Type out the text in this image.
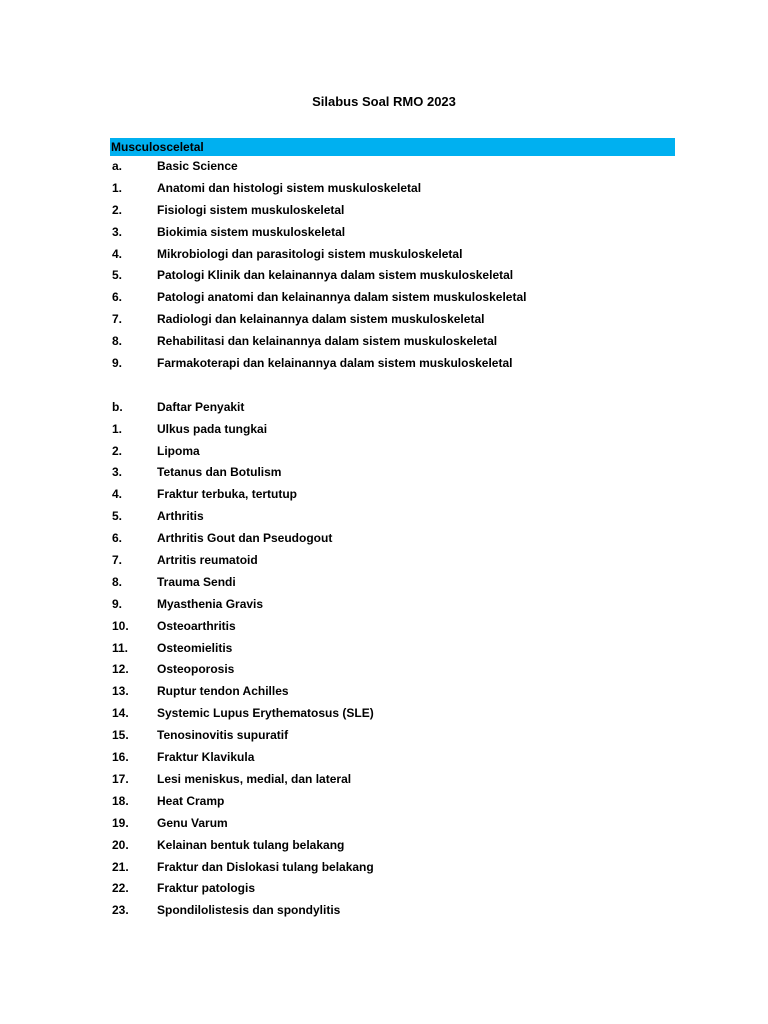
Silabus Soal RMO 2023
Musculosceletal
a.	Basic Science
1.	Anatomi dan histologi sistem muskuloskeletal
2.	Fisiologi sistem muskuloskeletal
3.	Biokimia sistem muskuloskeletal
4.	Mikrobiologi dan parasitologi sistem muskuloskeletal
5.	Patologi Klinik dan kelainannya dalam sistem muskuloskeletal
6.	Patologi anatomi dan kelainannya dalam sistem muskuloskeletal
7.	Radiologi dan kelainannya dalam sistem muskuloskeletal
8.	Rehabilitasi dan kelainannya dalam sistem muskuloskeletal
9.	Farmakoterapi dan kelainannya dalam sistem muskuloskeletal
b.	Daftar Penyakit
1.	Ulkus pada tungkai
2.	Lipoma
3.	Tetanus dan Botulism
4.	Fraktur terbuka, tertutup
5.	Arthritis
6.	Arthritis Gout dan Pseudogout
7.	Artritis reumatoid
8.	Trauma Sendi
9.	Myasthenia Gravis
10.	Osteoarthritis
11.	Osteomielitis
12.	Osteoporosis
13.	Ruptur tendon Achilles
14.	Systemic Lupus Erythematosus (SLE)
15.	Tenosinovitis supuratif
16.	Fraktur Klavikula
17.	Lesi meniskus, medial, dan lateral
18.	Heat Cramp
19.	Genu Varum
20.	Kelainan bentuk tulang belakang
21.	Fraktur dan Dislokasi tulang belakang
22.	Fraktur patologis
23.	Spondilolistesis dan spondylitis
